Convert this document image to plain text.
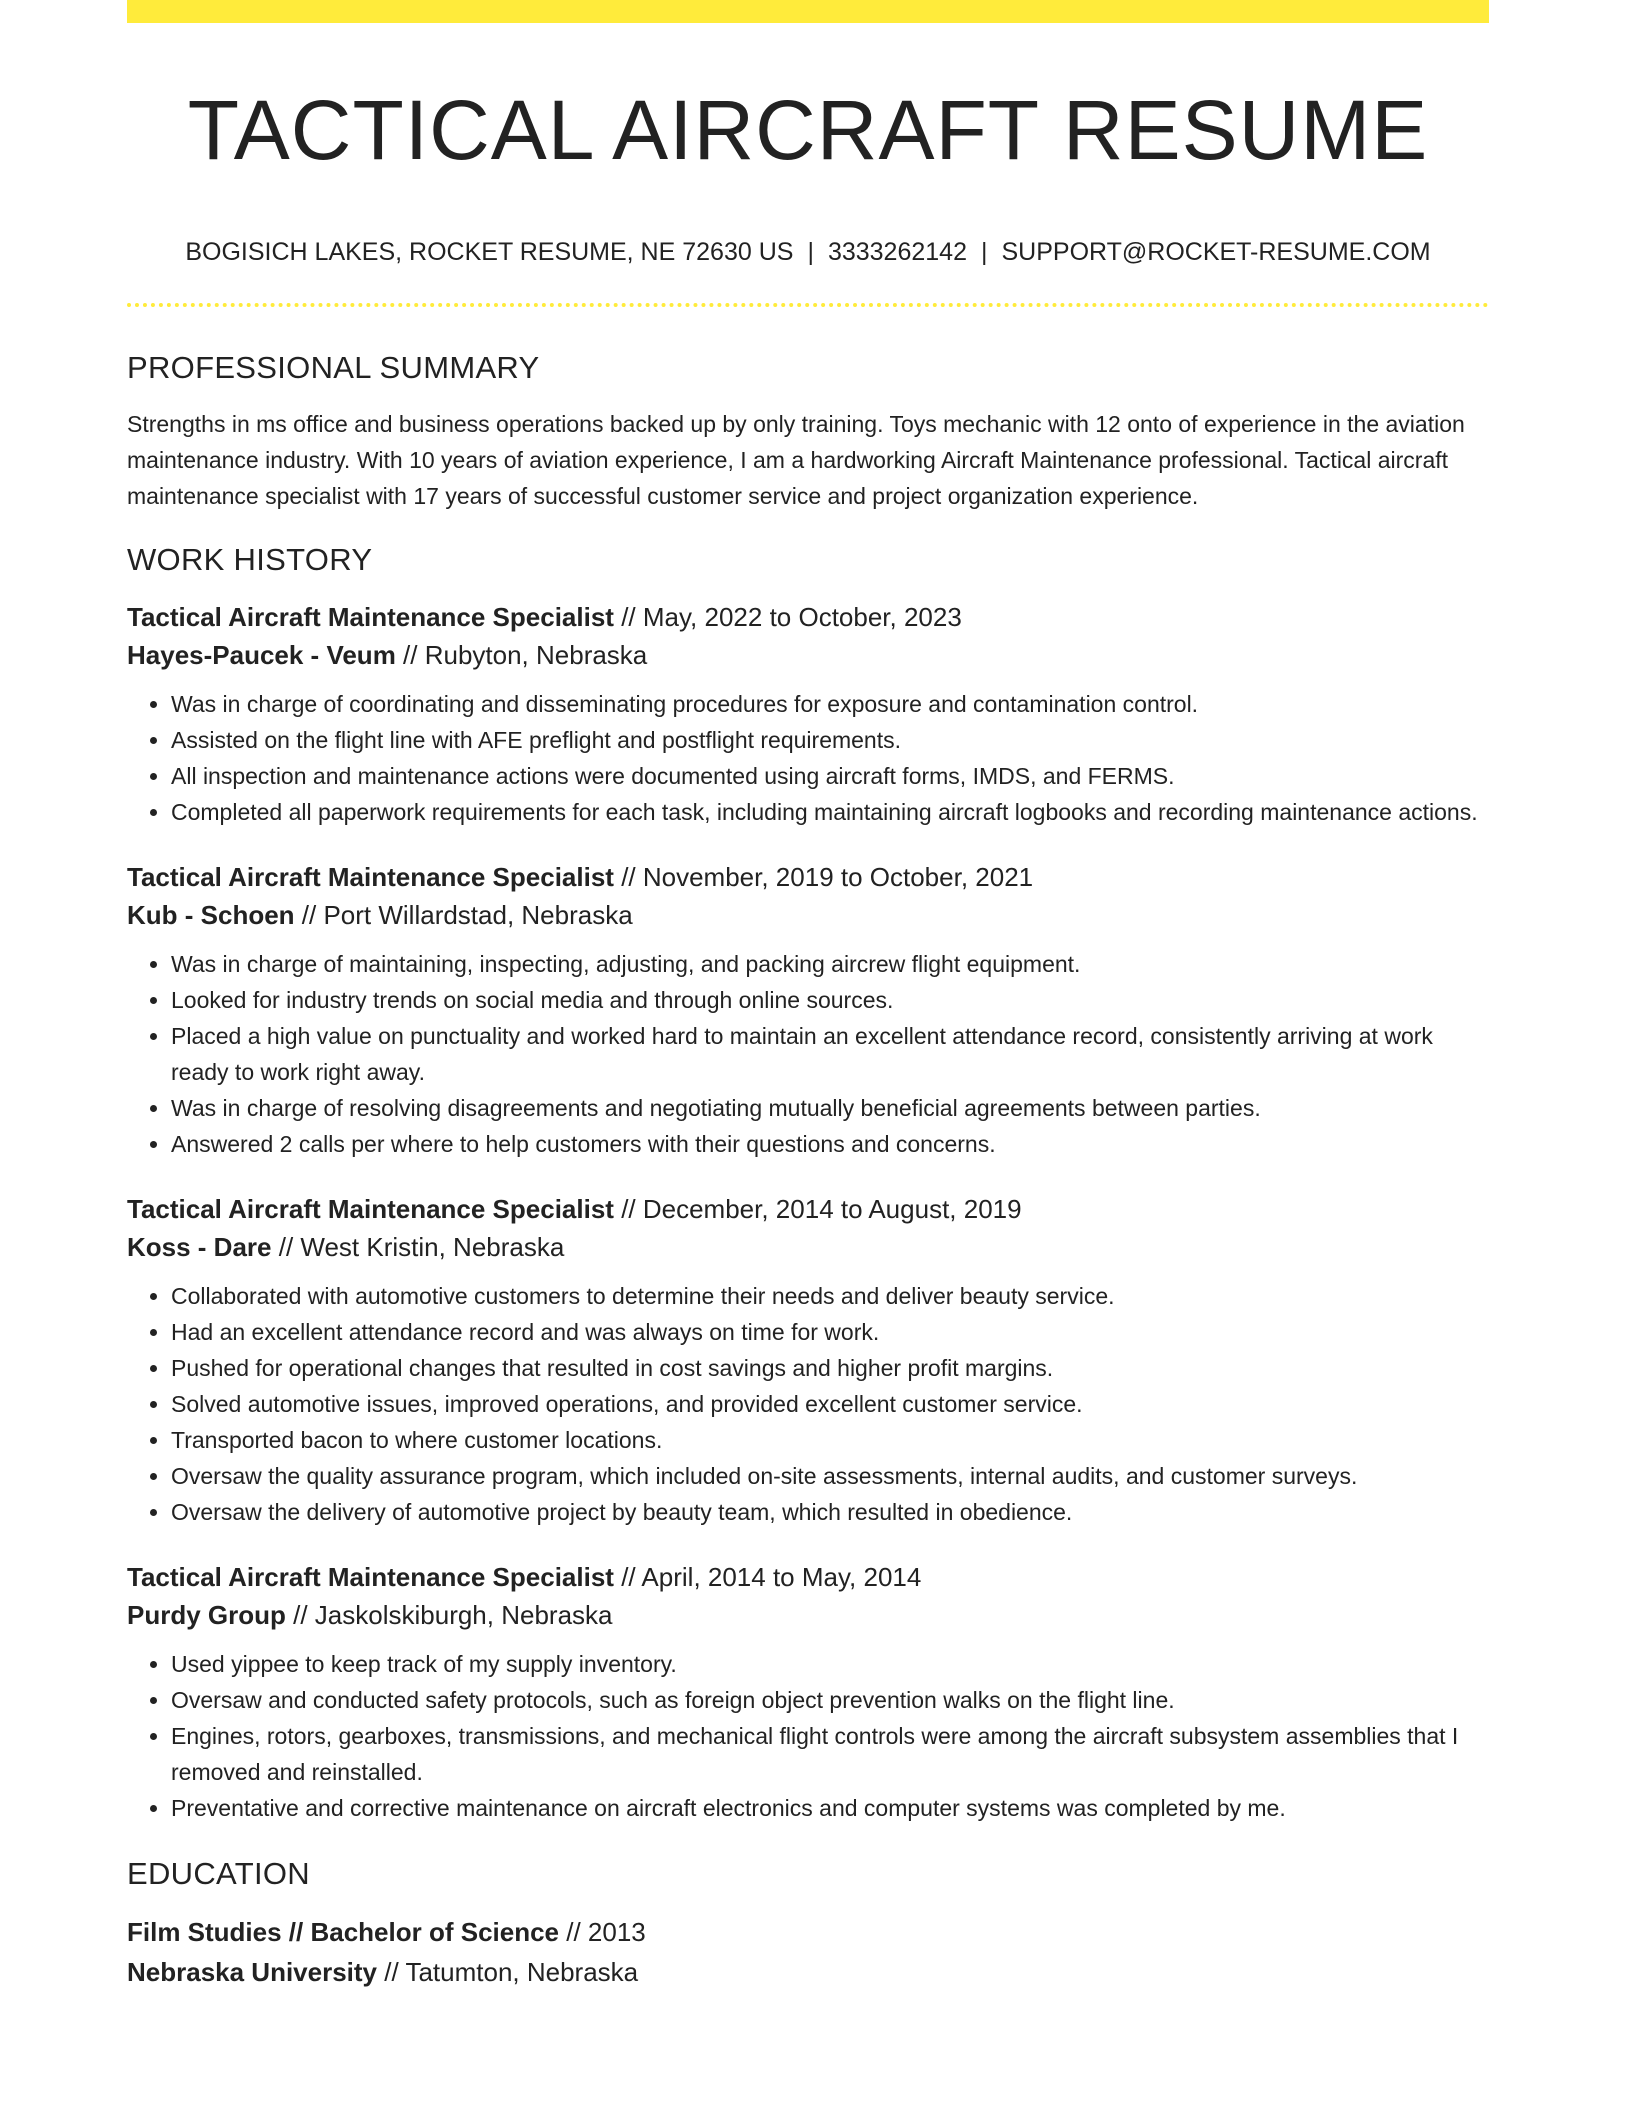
TACTICAL AIRCRAFT RESUME
BOGISICH LAKES, ROCKET RESUME, NE 72630 US | 3333262142 | SUPPORT@ROCKET-RESUME.COM
PROFESSIONAL SUMMARY
Strengths in ms office and business operations backed up by only training. Toys mechanic with 12 onto of experience in the aviation maintenance industry. With 10 years of aviation experience, I am a hardworking Aircraft Maintenance professional. Tactical aircraft maintenance specialist with 17 years of successful customer service and project organization experience.
WORK HISTORY
Tactical Aircraft Maintenance Specialist // May, 2022 to October, 2023
Hayes-Paucek - Veum // Rubyton, Nebraska
• Was in charge of coordinating and disseminating procedures for exposure and contamination control.
• Assisted on the flight line with AFE preflight and postflight requirements.
• All inspection and maintenance actions were documented using aircraft forms, IMDS, and FERMS.
• Completed all paperwork requirements for each task, including maintaining aircraft logbooks and recording maintenance actions.
Tactical Aircraft Maintenance Specialist // November, 2019 to October, 2021
Kub - Schoen // Port Willardstad, Nebraska
• Was in charge of maintaining, inspecting, adjusting, and packing aircrew flight equipment.
• Looked for industry trends on social media and through online sources.
• Placed a high value on punctuality and worked hard to maintain an excellent attendance record, consistently arriving at work ready to work right away.
• Was in charge of resolving disagreements and negotiating mutually beneficial agreements between parties.
• Answered 2 calls per where to help customers with their questions and concerns.
Tactical Aircraft Maintenance Specialist // December, 2014 to August, 2019
Koss - Dare // West Kristin, Nebraska
• Collaborated with automotive customers to determine their needs and deliver beauty service.
• Had an excellent attendance record and was always on time for work.
• Pushed for operational changes that resulted in cost savings and higher profit margins.
• Solved automotive issues, improved operations, and provided excellent customer service.
• Transported bacon to where customer locations.
• Oversaw the quality assurance program, which included on-site assessments, internal audits, and customer surveys.
• Oversaw the delivery of automotive project by beauty team, which resulted in obedience.
Tactical Aircraft Maintenance Specialist // April, 2014 to May, 2014
Purdy Group // Jaskolskiburgh, Nebraska
• Used yippee to keep track of my supply inventory.
• Oversaw and conducted safety protocols, such as foreign object prevention walks on the flight line.
• Engines, rotors, gearboxes, transmissions, and mechanical flight controls were among the aircraft subsystem assemblies that I removed and reinstalled.
• Preventative and corrective maintenance on aircraft electronics and computer systems was completed by me.
EDUCATION
Film Studies // Bachelor of Science // 2013
Nebraska University // Tatumton, Nebraska
